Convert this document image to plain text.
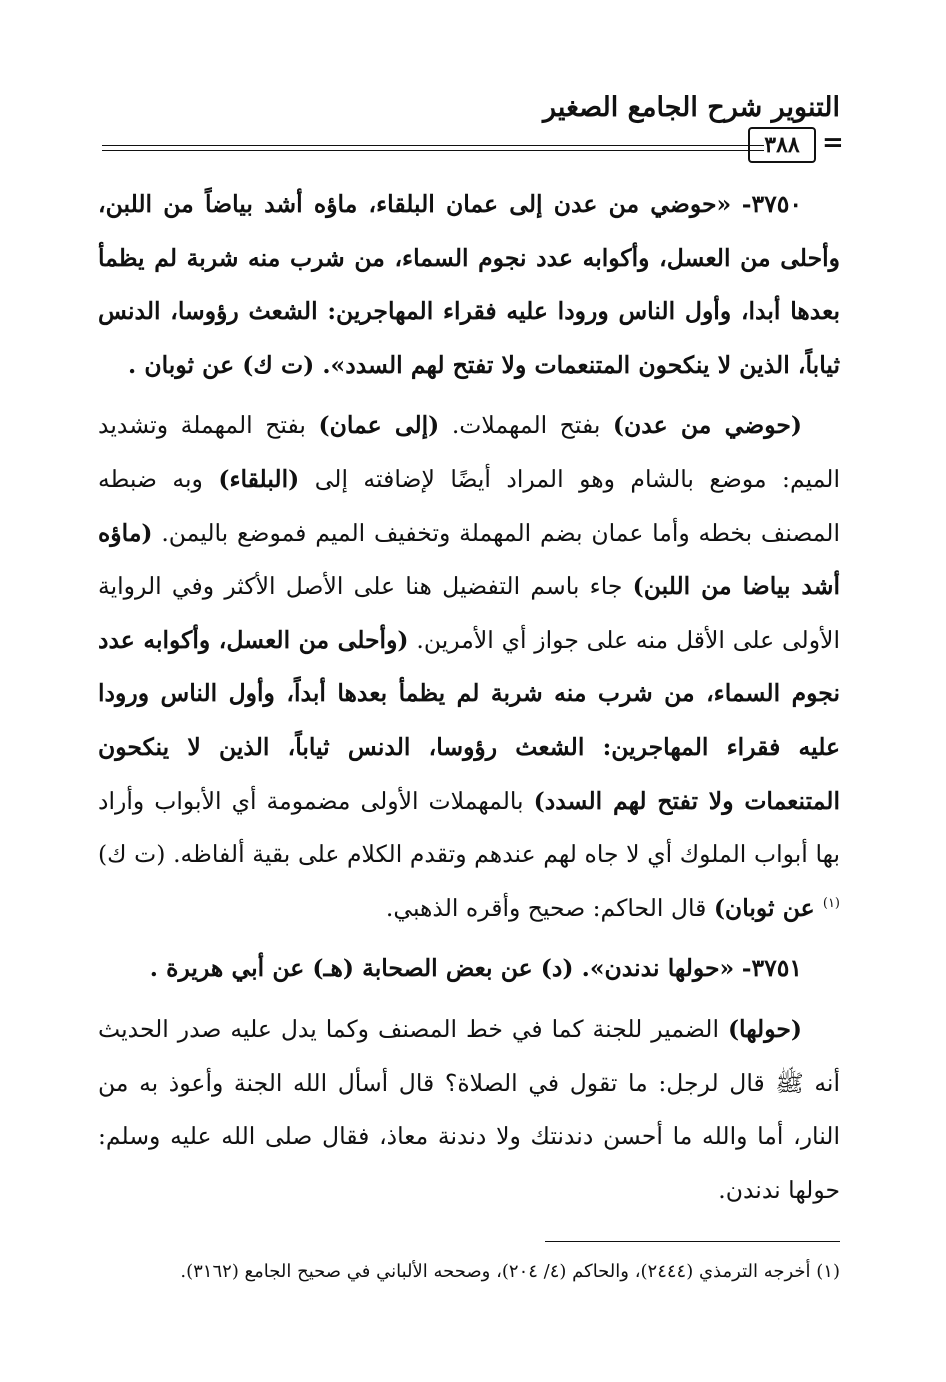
التنوير شرح الجامع الصغير
٣٨٨ =

٣٧٥٠- «حوضي من عدن إلى عمان البلقاء، ماؤه أشد بياضاً من اللبن، وأحلى من العسل، وأكوابه عدد نجوم السماء، من شرب منه شربة لم يظمأ بعدها أبدا، وأول الناس ورودا عليه فقراء المهاجرين: الشعث رؤوسا، الدنس ثياباً، الذين لا ينكحون المتنعمات ولا تفتح لهم السدد». (ت ك) عن ثوبان .

(حوضي من عدن) بفتح المهملات. (إلى عمان) بفتح المهملة وتشديد الميم: موضع بالشام وهو المراد أيضًا لإضافته إلى (البلقاء) وبه ضبطه المصنف بخطه وأما عمان بضم المهملة وتخفيف الميم فموضع باليمن. (ماؤه أشد بياضا من اللبن) جاء باسم التفضيل هنا على الأصل الأكثر وفي الرواية الأولى على الأقل منه على جواز أي الأمرين. (وأحلى من العسل، وأكوابه عدد نجوم السماء، من شرب منه شربة لم يظمأ بعدها أبداً، وأول الناس ورودا عليه فقراء المهاجرين: الشعث رؤوسا، الدنس ثياباً، الذين لا ينكحون المتنعمات ولا تفتح لهم السدد) بالمهملات الأولى مضمومة أي الأبواب وأراد بها أبواب الملوك أي لا جاه لهم عندهم وتقدم الكلام على بقية ألفاظه. (ت ك)$^{(١)}$ عن ثوبان) قال الحاكم: صحيح وأقره الذهبي.

٣٧٥١- «حولها ندندن». (د) عن بعض الصحابة (هـ) عن أبي هريرة .

(حولها) الضمير للجنة كما في خط المصنف وكما يدل عليه صدر الحديث أنه ﷺ قال لرجل: ما تقول في الصلاة؟ قال أسأل الله الجنة وأعوذ به من النار، أما والله ما أحسن دندنتك ولا دندنة معاذ، فقال صلى الله عليه وسلم: حولها ندندن.

(١) أخرجه الترمذي (٢٤٤٤)، والحاكم (٤/ ٢٠٤)، وصححه الألباني في صحيح الجامع (٣١٦٢).
